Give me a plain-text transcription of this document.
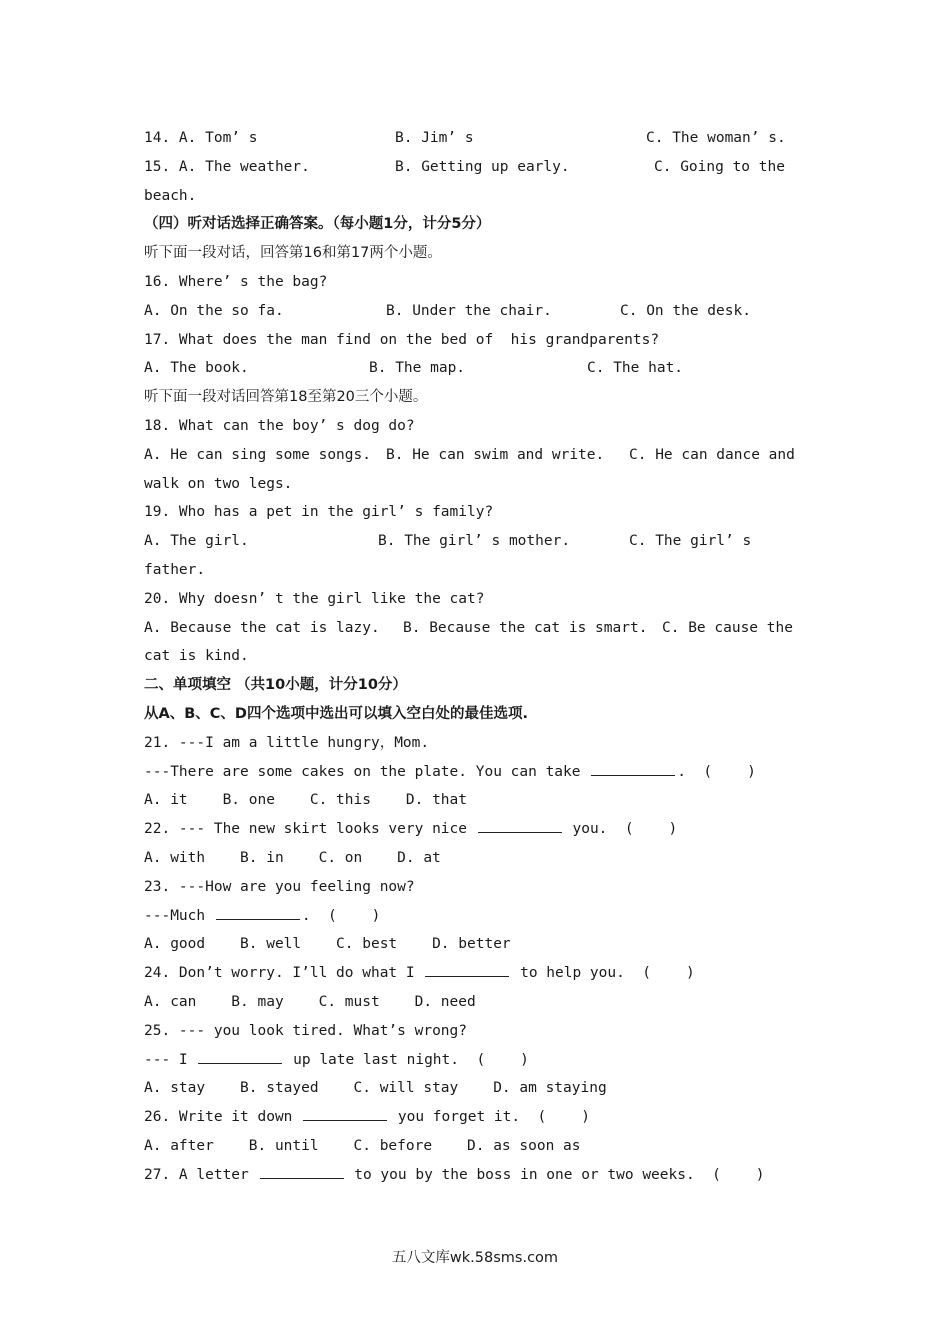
14. A. Tom’ s

	B. Jim’ s

	C. The woman’ s.

15. A. The weather.

	B. Getting up early.

	C. Going to the

beach.
（四）听对话选择正确答案。（每小题1分，计分5分）
听下面一段对话，回答第16和第17两个小题。
16. Where’ s the bag?

A. On the so fa.

	B. Under the chair.

	C. On the desk.

17. What does the man find on the bed of  his grandparents?

A. The book.

	B. The map.

	C. The hat.

听下面一段对话回答第18至第20三个小题。
18. What can the boy’ s dog do?

A. He can sing some songs.

B. He can swim and write.

C. He can dance and

walk on two legs.
19. Who has a pet in the girl’ s family?

A. The girl.

	B. The girl’ s mother.

	C. The girl’ s

father.
20. Why doesn’ t the girl like the cat?

A. Because the cat is lazy.

B. Because the cat is smart.

C. Be cause the

cat is kind.
二、单项填空 （共10小题，计分10分）
从A、B、C、D四个选项中选出可以填入空白处的最佳选项.
21. ---I am a little hungry，Mom.
---There are some cakes on the plate. You can take	.  (    )
A. it    B. one    C. this    D. that
22. --- The new skirt looks very nice	you.  (    )
A. with    B. in    C. on    D. at
23. ---How are you feeling now?
---Much	.  (    )
A. good    B. well    C. best    D. better
24. Don’t worry. I’ll do what I	to help you.  (    )
A. can    B. may    C. must    D. need
25. --- you look tired. What’s wrong?
--- I	up late last night.  (    )
A. stay    B. stayed    C. will stay    D. am staying
26. Write it down	you forget it.  (    )
A. after    B. until    C. before    D. as soon as
27. A letter	to you by the boss in one or two weeks.  (    )
五八文库wk.58sms.com
